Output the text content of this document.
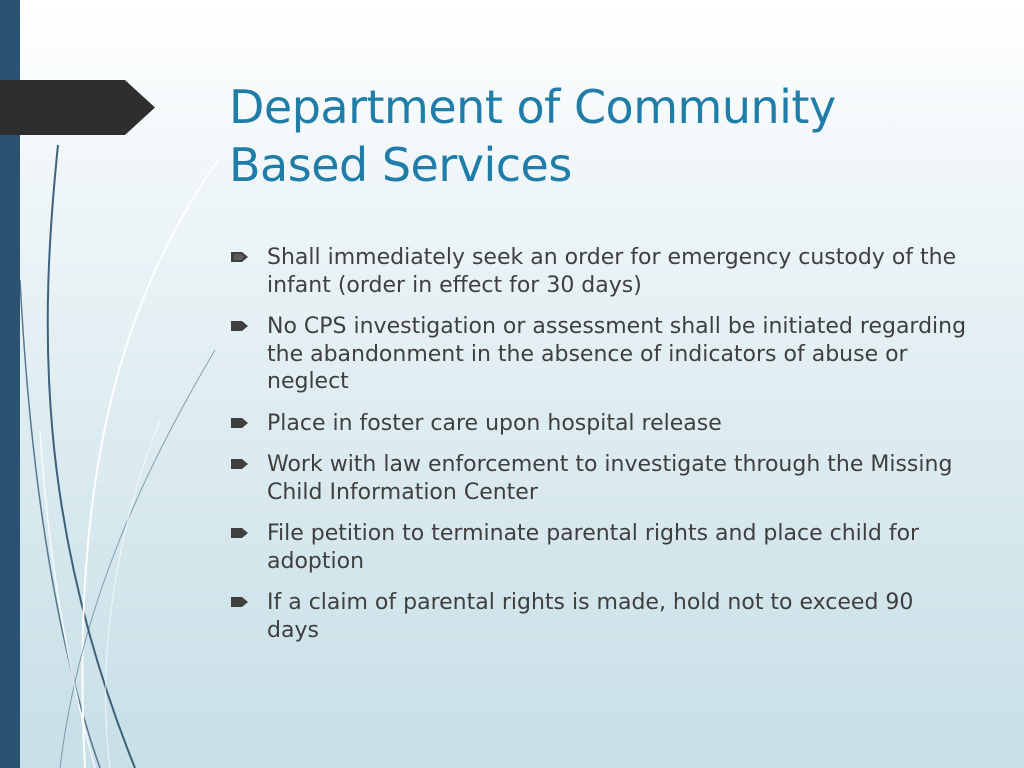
Department of Community
Based Services
Shall immediately seek an order for emergency custody of the infant (order in effect for 30 days)
No CPS investigation or assessment shall be initiated regarding the abandonment in the absence of indicators of abuse or neglect
Place in foster care upon hospital release
Work with law enforcement to investigate through the Missing Child Information Center
File petition to terminate parental rights and place child for adoption
If a claim of parental rights is made, hold not to exceed 90 days
